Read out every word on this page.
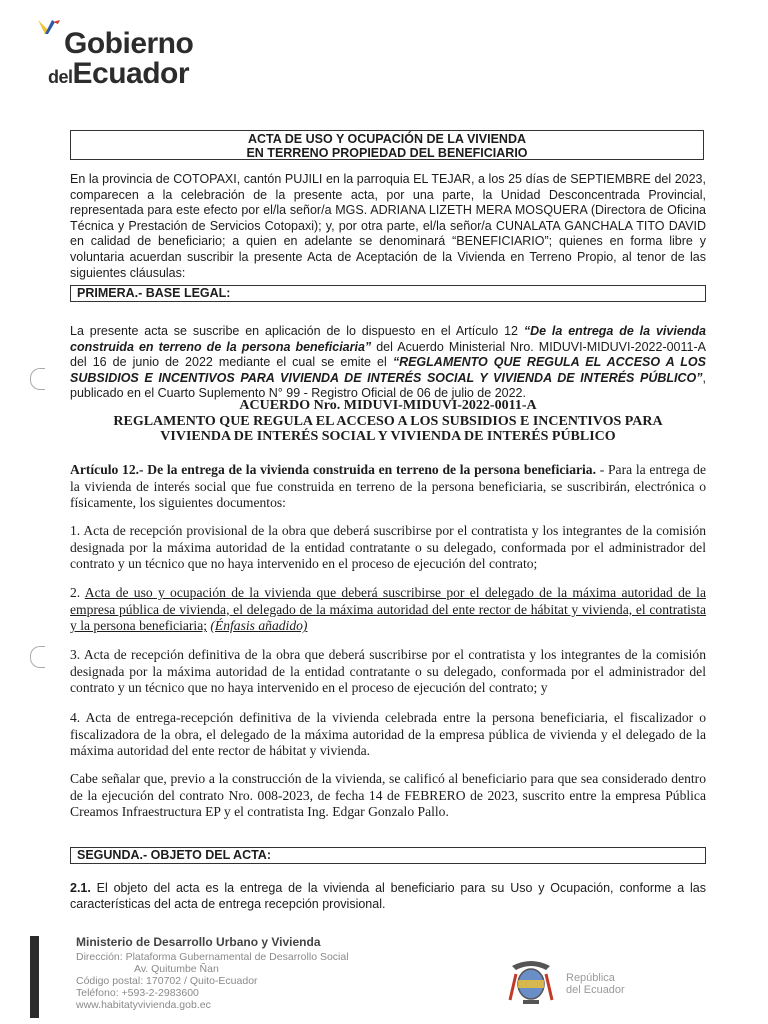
Gobierno
delEcuador
ACTA DE USO Y OCUPACIÓN DE LA VIVIENDA
EN TERRENO PROPIEDAD DEL BENEFICIARIO

En la provincia de COTOPAXI, cantón PUJILI en la parroquia EL TEJAR, a los 25 días de SEPTIEMBRE del 2023, comparecen a la celebración de la presente acta, por una parte, la Unidad Desconcentrada Provincial, representada para este efecto por el/la señor/a MGS. ADRIANA LIZETH MERA MOSQUERA (Directora de Oficina Técnica y Prestación de Servicios Cotopaxi); y, por otra parte, el/la señor/a CUNALATA GANCHALA TITO DAVID en calidad de beneficiario; a quien en adelante se denominará “BENEFICIARIO”; quienes en forma libre y voluntaria acuerdan suscribir la presente Acta de Aceptación de la Vivienda en Terreno Propio, al tenor de las siguientes cláusulas:

PRIMERA.- BASE LEGAL:

La presente acta se suscribe en aplicación de lo dispuesto en el Artículo 12 “De la entrega de la vivienda construida en terreno de la persona beneficiaria” del Acuerdo Ministerial Nro. MIDUVI-MIDUVI-2022-0011-A del 16 de junio de 2022 mediante el cual se emite el “REGLAMENTO QUE REGULA EL ACCESO A LOS SUBSIDIOS E INCENTIVOS PARA VIVIENDA DE INTERÉS SOCIAL Y VIVIENDA DE INTERÉS PÚBLICO”, publicado en el Cuarto Suplemento N° 99 - Registro Oficial de 06 de julio de 2022.

ACUERDO Nro. MIDUVI-MIDUVI-2022-0011-A
REGLAMENTO QUE REGULA EL ACCESO A LOS SUBSIDIOS E INCENTIVOS PARA
VIVIENDA DE INTERÉS SOCIAL Y VIVIENDA DE INTERÉS PÚBLICO

Artículo 12.- De la entrega de la vivienda construida en terreno de la persona beneficiaria. - Para la entrega de la vivienda de interés social que fue construida en terreno de la persona beneficiaria, se suscribirán, electrónica o físicamente, los siguientes documentos:

1. Acta de recepción provisional de la obra que deberá suscribirse por el contratista y los integrantes de la comisión designada por la máxima autoridad de la entidad contratante o su delegado, conformada por el administrador del contrato y un técnico que no haya intervenido en el proceso de ejecución del contrato;

2. Acta de uso y ocupación de la vivienda que deberá suscribirse por el delegado de la máxima autoridad de la empresa pública de vivienda, el delegado de la máxima autoridad del ente rector de hábitat y vivienda, el contratista y la persona beneficiaria; (Énfasis añadido)

3. Acta de recepción definitiva de la obra que deberá suscribirse por el contratista y los integrantes de la comisión designada por la máxima autoridad de la entidad contratante o su delegado, conformada por el administrador del contrato y un técnico que no haya intervenido en el proceso de ejecución del contrato; y

4. Acta de entrega-recepción definitiva de la vivienda celebrada entre la persona beneficiaria, el fiscalizador o fiscalizadora de la obra, el delegado de la máxima autoridad de la empresa pública de vivienda y el delegado de la máxima autoridad del ente rector de hábitat y vivienda.

Cabe señalar que, previo a la construcción de la vivienda, se calificó al beneficiario para que sea considerado dentro de la ejecución del contrato Nro. 008-2023, de fecha 14 de FEBRERO de 2023, suscrito entre la empresa Pública Creamos Infraestructura EP y el contratista Ing. Edgar Gonzalo Pallo.

SEGUNDA.- OBJETO DEL ACTA:

2.1. El objeto del acta es la entrega de la vivienda al beneficiario para su Uso y Ocupación, conforme a las características del acta de entrega recepción provisional.

Ministerio de Desarrollo Urbano y Vivienda
Dirección: Plataforma Gubernamental de Desarrollo Social
Av. Quitumbe Ñan
Código postal: 170702 / Quito-Ecuador
Teléfono: +593-2-2983600
www.habitatyvivienda.gob.ec
República
del Ecuador
